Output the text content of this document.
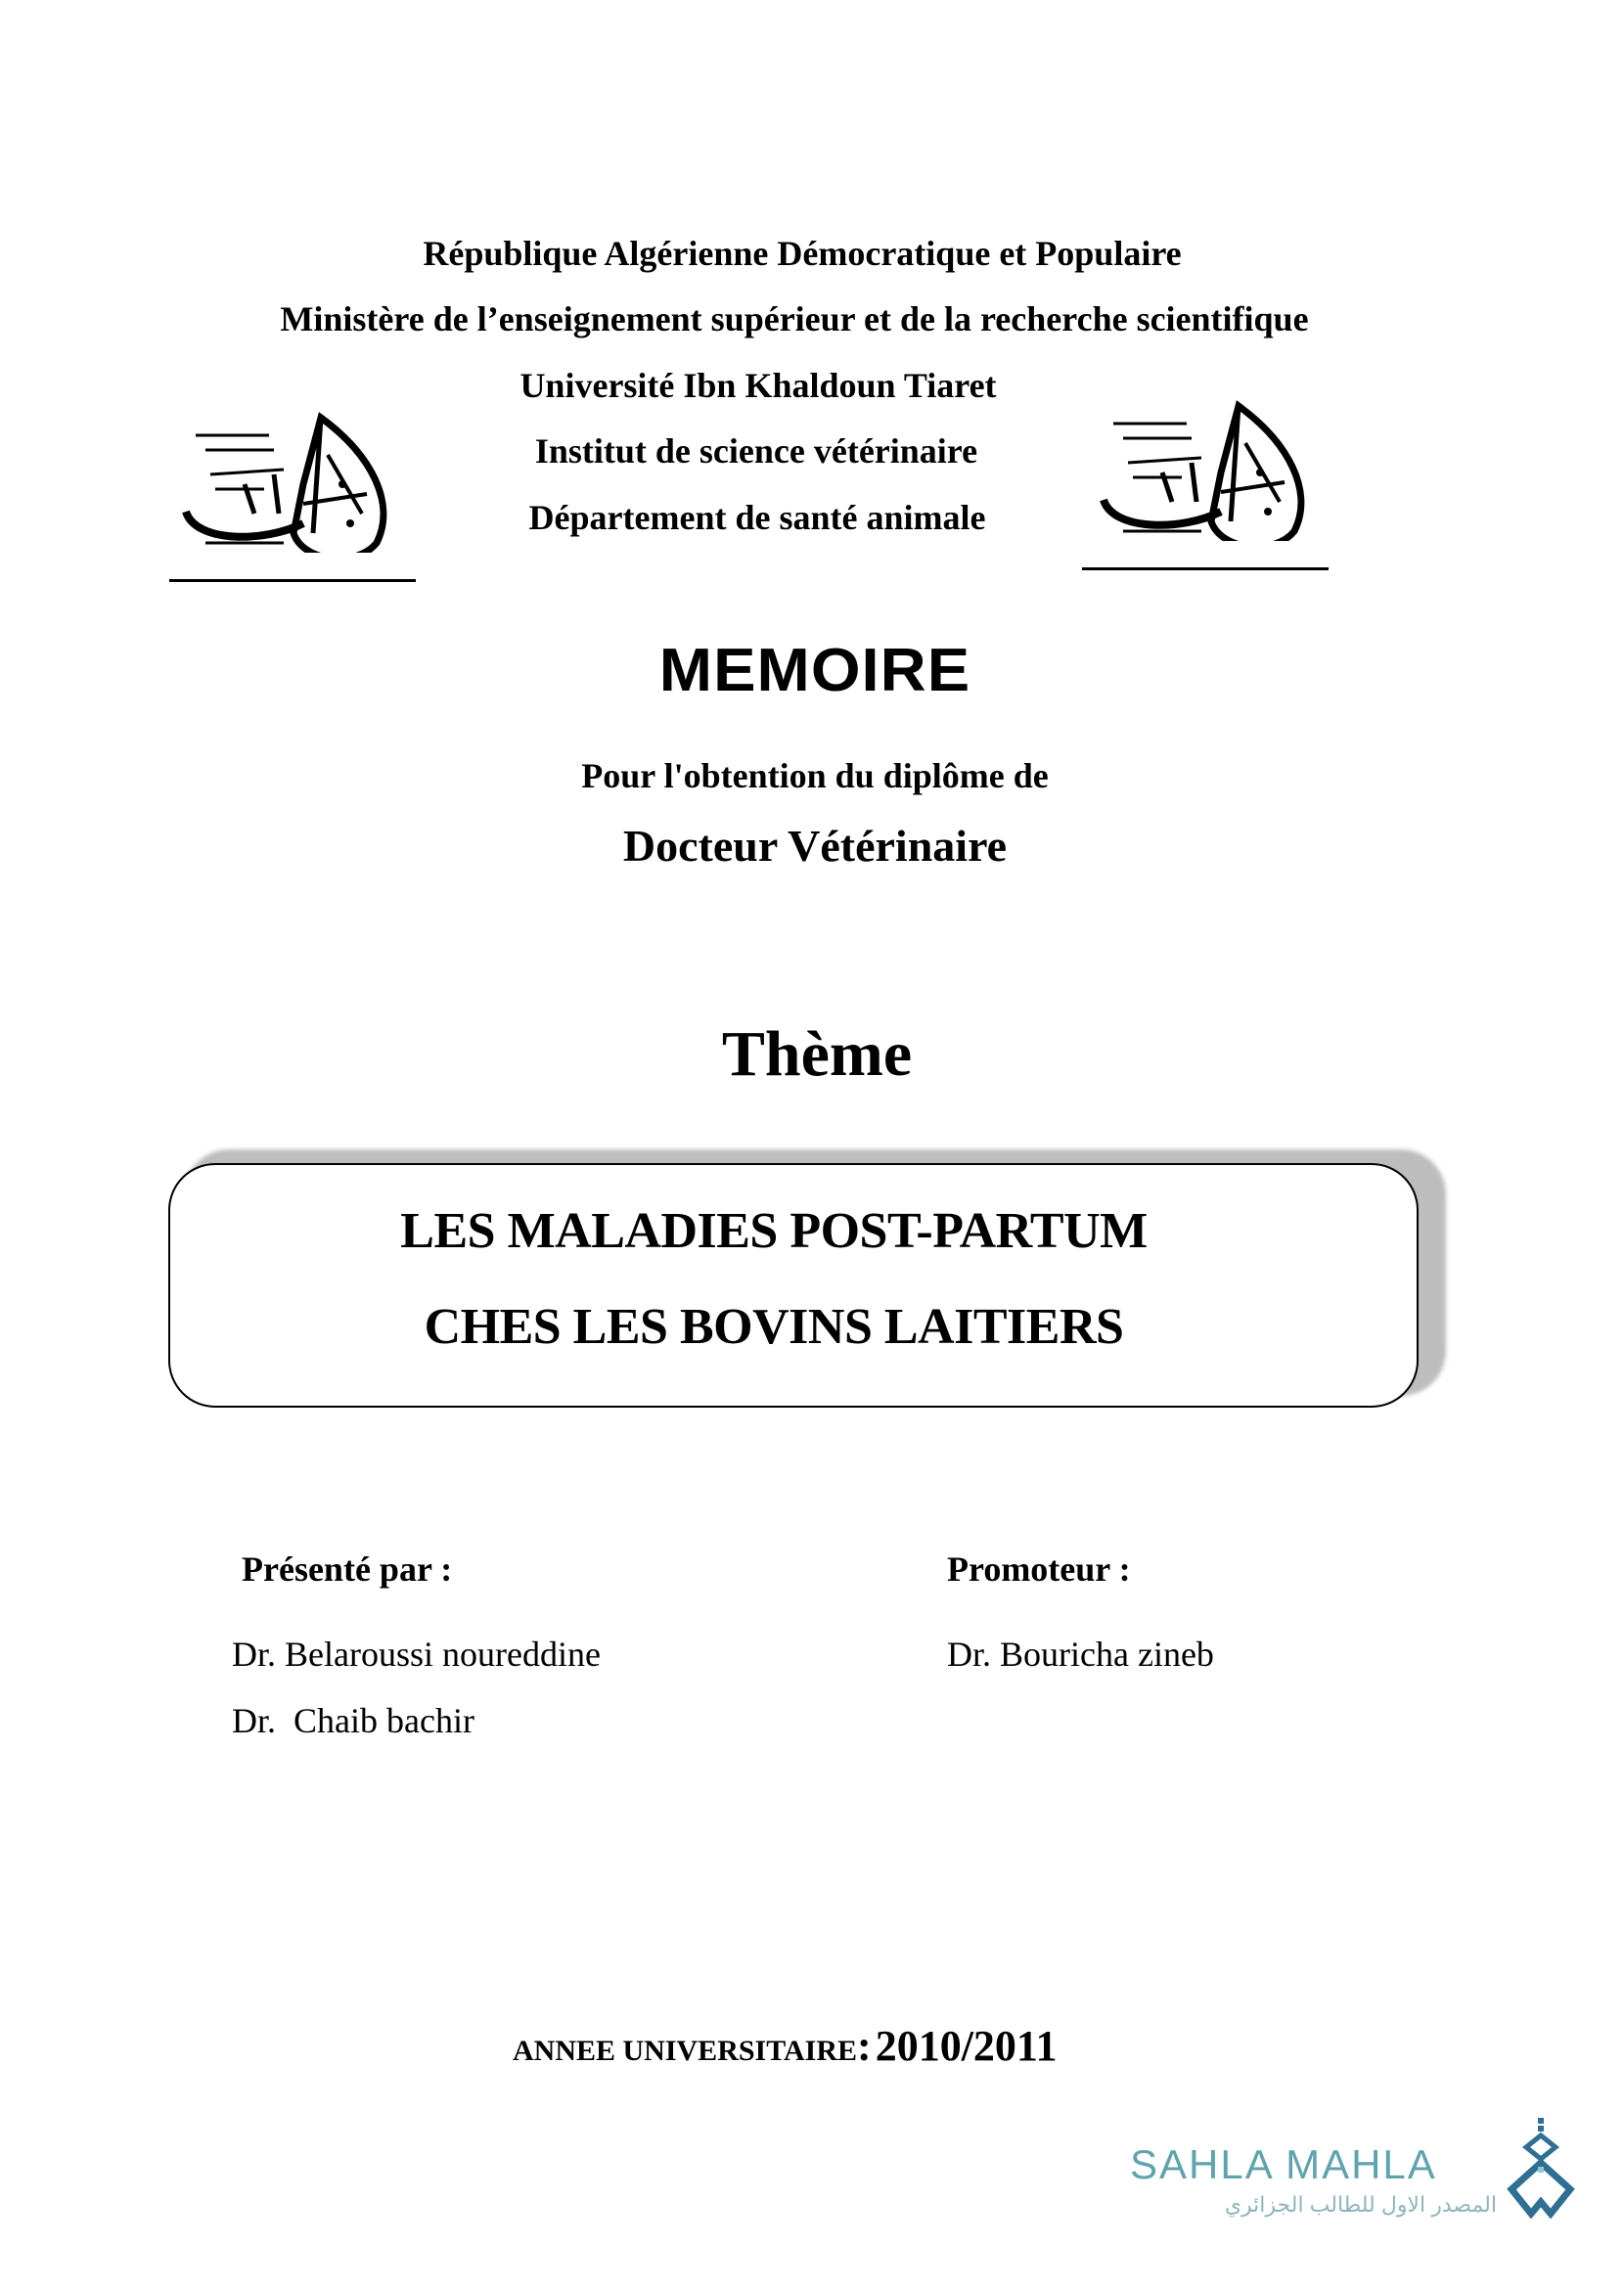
République Algérienne Démocratique et Populaire
Ministère de l’enseignement supérieur et de la recherche scientifique
Université Ibn Khaldoun Tiaret
Institut de science vétérinaire
Département de santé animale
MEMOIRE
Pour l'obtention du diplôme de
Docteur Vétérinaire
Thème
LES MALADIES POST-PARTUM
CHES LES BOVINS LAITIERS
Présenté par :
Dr. Belaroussi noureddine
Dr.  Chaib bachir
Promoteur :
Dr. Bouricha zineb
ANNEE UNIVERSITAIRE: 2010/2011
SAHLA MAHLA
المصدر الاول للطالب الجزائري
